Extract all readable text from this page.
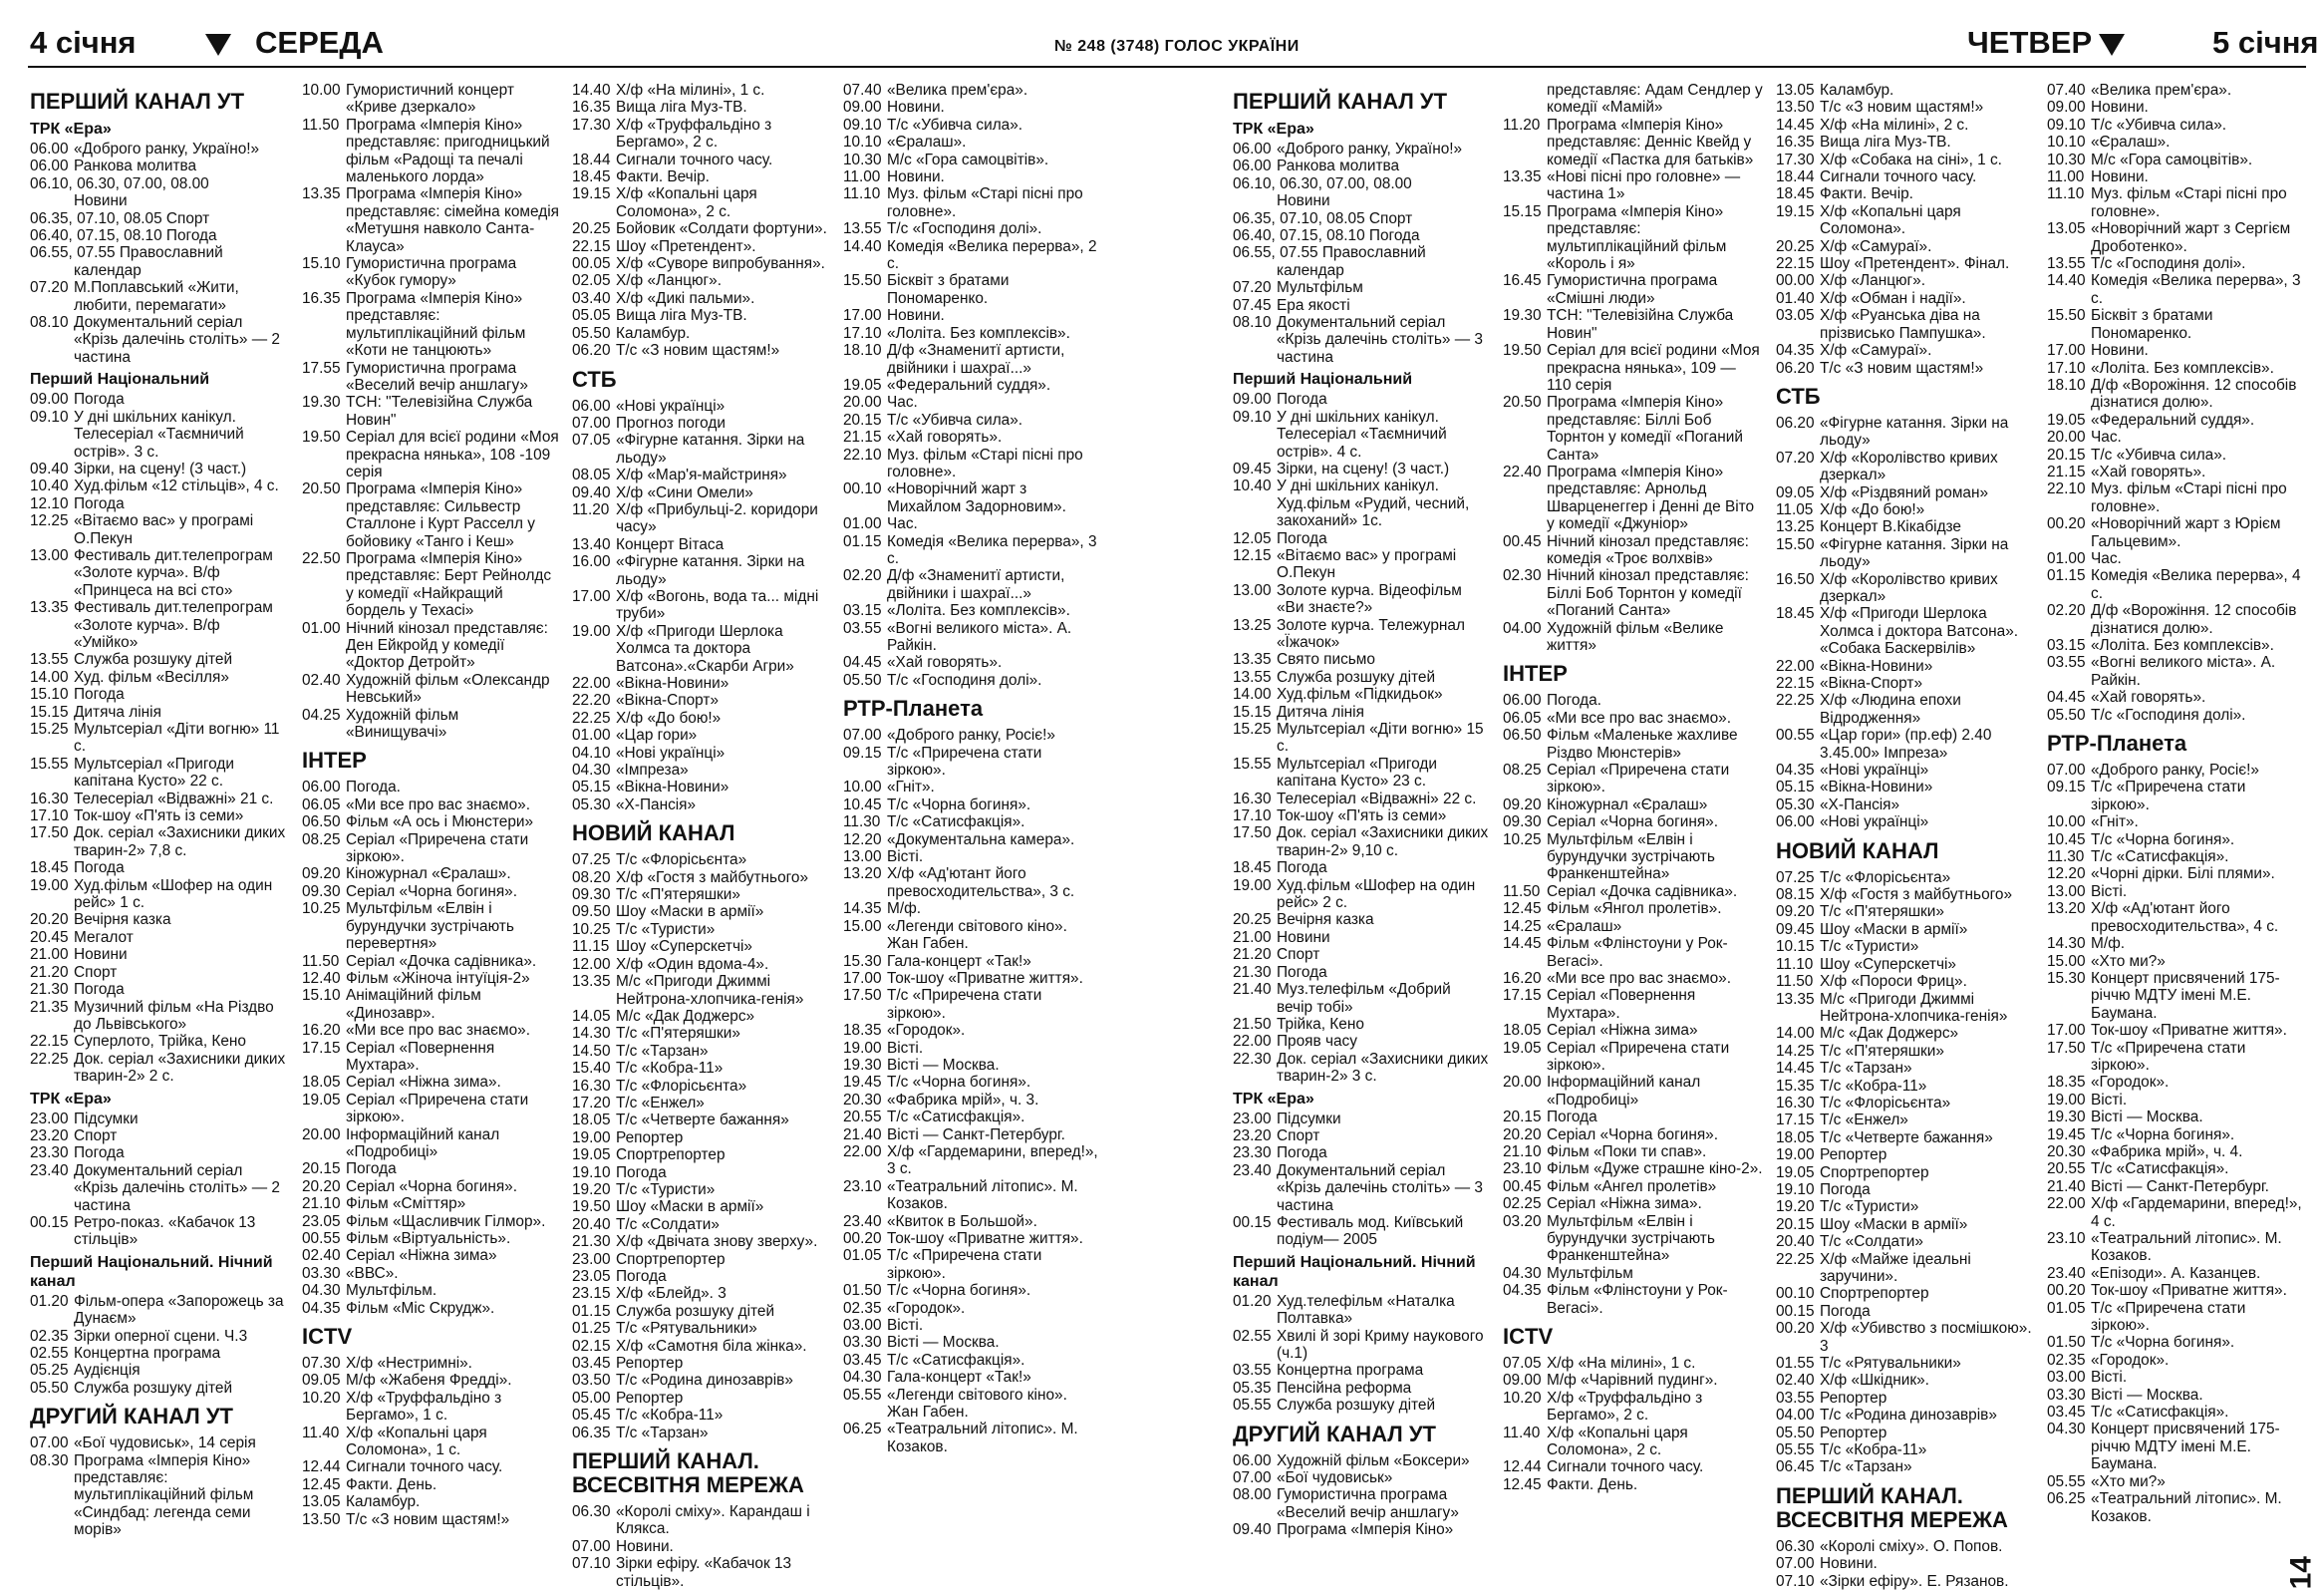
4 січня	СЕРЕДА	№ 248 (3748) ГОЛОС УКРАЇНИ	ЧЕТВЕР	5 січня
ПЕРШИЙ КАНАЛ УТ
ТРК «Ера»
06.00 «Доброго ранку, Україно!»
06.00 Ранкова молитва
06.10, 06.30, 07.00, 08.00
Новини
06.35, 07.10, 08.05 Спорт
06.40, 07.15, 08.10 Погода
06.55, 07.55 Православний
календар
07.20 М.Поплавський «Жити, любити, перемагати»
08.10 Документальний серіал «Крізь далечінь століть» — 2 частина
Перший Національний
09.00 Погода
09.10 У дні шкільних канікул. Телесеріал «Таємничий острів». 3 с.
09.40 Зірки, на сцену! (3 част.)
10.40 Худ.фільм «12 стільців», 4 с.
12.10 Погода
12.25 «Вітаємо вас» у програмі О.Пекун
13.00 Фестиваль дит.телепрограм «Золоте курча». В/ф «Принцеса на всі сто»
13.35 Фестиваль дит.телепрограм «Золоте курча». В/ф «Умійко»
13.55 Служба розшуку дітей
14.00 Худ. фільм «Весілля»
15.10 Погода
15.15 Дитяча лінія
15.25 Мультсеріал «Діти вогню» 11 с.
15.55 Мультсеріал «Пригоди капітана Кусто» 22 с.
16.30 Телесеріал «Відважні» 21 с.
17.10 Ток-шоу «П'ять із семи»
17.50 Док. серіал «Захисники диких тварин-2» 7,8 с.
18.45 Погода
19.00 Худ.фільм «Шофер на один рейс» 1 с.
20.20 Вечірня казка
20.45 Мегалот
21.00 Новини
21.20 Спорт
21.30 Погода
21.35 Музичний фільм «На Різдво до Львівського»
22.15 Суперлото, Трійка, Кено
22.25 Док. серіал «Захисники диких тварин-2» 2 с.
ТРК «Ера»
23.00 Підсумки
23.20 Спорт
23.30 Погода
23.40 Документальний серіал «Крізь далечінь століть» — 2 частина
00.15 Ретро-показ. «Кабачок 13 стільців»
Перший Національний. Нічний канал
01.20 Фільм-опера «Запорожець за Дунаєм»
02.35 Зірки оперної сцени. Ч.3
02.55 Концертна програма
05.25 Аудієнція
05.50 Служба розшуку дітей
ДРУГИЙ КАНАЛ УТ
07.00 «Бої чудовиськ», 14 серія
08.30 Програма «Імперія Кіно» представляє: мультиплікаційний фільм «Синдбад: легенда семи морів»
10.00 Гумористичний концерт «Криве дзеркало»
11.50 Програма «Імперія Кіно» представляє: пригодницький фільм «Радощі та печалі маленького лорда»
13.35 Програма «Імперія Кіно» представляє: сімейна комедія «Метушня навколо Санта-Клауса»
15.10 Гумористична програма «Кубок гумору»
16.35 Програма «Імперія Кіно» представляє: мультиплікаційний фільм «Коти не танцюють»
17.55 Гумористична програма «Веселий вечір аншлагу»
19.30 ТСН: "Телевізійна Служба Новин"
19.50 Серіал для всієї родини «Моя прекрасна нянька», 108 -109 серія
20.50 Програма «Імперія Кіно» представляє: Сильвестр Сталлоне і Курт Расселл у бойовику «Танго і Кеш»
22.50 Програма «Імперія Кіно» представляє: Берт Рейнолдс у комедії «Найкращий бордель у Техасі»
01.00 Нічний кінозал представляє: Ден Ейкройд у комедії «Доктор Детройт»
02.40 Художній фільм «Олександр Невський»
04.25 Художній фільм «Винищувачі»
ІНТЕР
06.00 Погода.
06.05 «Ми все про вас знаємо».
06.50 Фільм «А ось і Мюнстери»
08.25 Серіал «Приречена стати зіркою».
09.20 Кіножурнал «Єралаш».
09.30 Серіал «Чорна богиня».
10.25 Мультфільм «Елвін і бурундучки зустрічають перевертня»
11.50 Серіал «Дочка садівника».
12.40 Фільм «Жіноча інтуїція-2»
15.10 Анімаційний фільм «Динозавр».
16.20 «Ми все про вас знаємо».
17.15 Серіал «Повернення Мухтара».
18.05 Серіал «Ніжна зима».
19.05 Серіал «Приречена стати зіркою».
20.00 Інформаційний канал «Подробиці»
20.15 Погода
20.20 Серіал «Чорна богиня».
21.10 Фільм «Сміттяр»
23.05 Фільм «Щасливчик Гілмор».
00.55 Фільм «Віртуальність».
02.40 Серіал «Ніжна зима»
03.30 «ВВС».
04.30 Мультфільм.
04.35 Фільм «Міс Скрудж».
ICTV
07.30 Х/ф «Нестримні».
09.05 М/ф «Жабеня Фредді».
10.20 Х/ф «Труффальдіно з Бергамо», 1 с.
11.40 Х/ф «Копальні царя Соломона», 1 с.
12.44 Сигнали точного часу.
12.45 Факти. День.
13.05 Каламбур.
13.50 Т/с «З новим щастям!»
14.40 Х/ф «На мілині», 1 с.
16.35 Вища ліга Муз-ТВ.
17.30 Х/ф «Труффальдіно з Бергамо», 2 с.
18.44 Сигнали точного часу.
18.45 Факти. Вечір.
19.15 Х/ф «Копальні царя Соломона», 2 с.
20.25 Бойовик «Солдати фортуни».
22.15 Шоу «Претендент».
00.05 Х/ф «Суворе випробування».
02.05 Х/ф «Ланцюг».
03.40 Х/ф «Дикі пальми».
05.05 Вища ліга Муз-ТВ.
05.50 Каламбур.
06.20 Т/с «З новим щастям!»
СТБ
06.00 «Нові українці»
07.00 Прогноз погоди
07.05 «Фігурне катання. Зірки на льоду»
08.05 Х/ф «Мар'я-майстриня»
09.40 Х/ф «Сини Омели»
11.20 Х/ф «Прибульці-2. коридори часу»
13.40 Концерт Вітаса
16.00 «Фігурне катання. Зірки на льоду»
17.00 Х/ф «Вогонь, вода та... мідні труби»
19.00 Х/ф «Пригоди Шерлока Холмса та доктора Ватсона».«Скарби Агри»
22.00 «Вікна-Новини»
22.20 «Вікна-Спорт»
22.25 Х/ф «До бою!»
01.00 «Цар гори»
04.10 «Нові українці»
04.30 «Імпреза»
05.15 «Вікна-Новини»
05.30 «Х-Пансія»
НОВИЙ КАНАЛ
07.25 Т/с «Флорісьєнта»
08.20 Х/ф «Гостя з майбутнього»
09.30 Т/с «П'ятеряшки»
09.50 Шоу «Маски в армії»
10.25 Т/с «Туристи»
11.15 Шоу «Суперскетчі»
12.00 Х/ф «Один вдома-4».
13.35 М/с «Пригоди Джиммі Нейтрона-хлопчика-генія»
14.05 М/с «Дак Доджерс»
14.30 Т/с «П'ятеряшки»
14.50 Т/с «Тарзан»
15.40 Т/с «Кобра-11»
16.30 Т/с «Флорісьєнта»
17.20 Т/с «Енжел»
18.05 Т/с «Четверте бажання»
19.00 Репортер
19.05 Спортрепортер
19.10 Погода
19.20 Т/с «Туристи»
19.50 Шоу «Маски в армії»
20.40 Т/с «Солдати»
21.30 Х/ф «Двічата знову зверху».
23.00 Спортрепортер
23.05 Погода
23.15 Х/ф «Блейд». 3
01.15 Служба розшуку дітей
01.25 Т/с «Рятувальники»
02.15 Х/ф «Самотня біла жінка».
03.45 Репортер
03.50 Т/с «Родина динозаврів»
05.00 Репортер
05.45 Т/с «Кобра-11»
06.35 Т/с «Тарзан»
ПЕРШИЙ КАНАЛ. ВСЕСВІТНЯ МЕРЕЖА
06.30 «Королі сміху». Карандаш і Клякса.
07.00 Новини.
07.10 Зірки ефіру. «Кабачок 13 стільців».
07.40 «Велика прем'єра».
09.00 Новини.
09.10 Т/с «Убивча сила».
10.10 «Єралаш».
10.30 М/с «Гора самоцвітів».
11.00 Новини.
11.10 Муз. фільм «Старі пісні про головне».
13.55 Т/с «Господиня долі».
14.40 Комедія «Велика перерва», 2 с.
15.50 Бісквіт з братами Пономаренко.
17.00 Новини.
17.10 «Лоліта. Без комплексів».
18.10 Д/ф «Знаменитї артисти, двійники і шахраї...»
19.05 «Федеральний суддя».
20.00 Час.
20.15 Т/с «Убивча сила».
21.15 «Хай говорять».
22.10 Муз. фільм «Старі пісні про головне».
00.10 «Новорічний жарт з Михайлом Задорновим».
01.00 Час.
01.15 Комедія «Велика перерва», 3 с.
02.20 Д/ф «Знаменитї артисти, двійники і шахраї...»
03.15 «Лоліта. Без комплексів».
03.55 «Вогні великого міста». А. Райкін.
04.45 «Хай говорять».
05.50 Т/с «Господиня долі».
РТР-Планета
07.00 «Доброго ранку, Росіє!»
09.15 Т/с «Приречена стати зіркою».
10.00 «Гніт».
10.45 Т/с «Чорна богиня».
11.30 Т/с «Сатисфакція».
12.20 «Документальна камера».
13.00 Вісті.
13.20 Х/ф «Ад'ютант його превосходительства», 3 с.
14.35 М/ф.
15.00 «Легенди світового кіно». Жан Габен.
15.30 Гала-концерт «Так!»
17.00 Ток-шоу «Приватне життя».
17.50 Т/с «Приречена стати зіркою».
18.35 «Городок».
19.00 Вісті.
19.30 Вісті — Москва.
19.45 Т/с «Чорна богиня».
20.30 «Фабрика мрій», ч. 3.
20.55 Т/с «Сатисфакція».
21.40 Вісті — Санкт-Петербург.
22.00 Х/ф «Гардемарини, вперед!», 3 с.
23.10 «Театральний літопис». М. Козаков.
23.40 «Квиток в Большой».
00.20 Ток-шоу «Приватне життя».
01.05 Т/с «Приречена стати зіркою».
01.50 Т/с «Чорна богиня».
02.35 «Городок».
03.00 Вісті.
03.30 Вісті — Москва.
03.45 Т/с «Сатисфакція».
04.30 Гала-концерт «Так!»
05.55 «Легенди світового кіно». Жан Габен.
06.25 «Театральний літопис». М. Козаков.
ПЕРШИЙ КАНАЛ УТ
ТРК «Ера»
06.00 «Доброго ранку, Україно!»
06.00 Ранкова молитва
06.10, 06.30, 07.00, 08.00
Новини
06.35, 07.10, 08.05 Спорт
06.40, 07.15, 08.10 Погода
06.55, 07.55 Православний
календар
07.20 Мультфільм
07.45 Ера якості
08.10 Документальний серіал «Крізь далечінь століть» — 3 частина
Перший Національний
09.00 Погода
09.10 У дні шкільних канікул. Телесеріал «Таємничий острів». 4 с.
09.45 Зірки, на сцену! (3 част.)
10.40 У дні шкільних канікул. Худ.фільм «Рудий, чесний, закоханий» 1с.
12.05 Погода
12.15 «Вітаємо вас» у програмі О.Пекун
13.00 Золоте курча. Відеофільм «Ви знаєте?»
13.25 Золоте курча. Тележурнал «Їжачок»
13.35 Свято письмо
13.55 Служба розшуку дітей
14.00 Худ.фільм «Підкидьок»
15.15 Дитяча лінія
15.25 Мультсеріал «Діти вогню» 15 с.
15.55 Мультсеріал «Пригоди капітана Кусто» 23 с.
16.30 Телесеріал «Відважні» 22 с.
17.10 Ток-шоу «П'ять із семи»
17.50 Док. серіал «Захисники диких тварин-2» 9,10 с.
18.45 Погода
19.00 Худ.фільм «Шофер на один рейс» 2 с.
20.25 Вечірня казка
21.00 Новини
21.20 Спорт
21.30 Погода
21.40 Муз.телефільм «Добрий вечір тобі»
21.50 Трійка, Кено
22.00 Прояв часу
22.30 Док. серіал «Захисники диких тварин-2» 3 с.
ТРК «Ера»
23.00 Підсумки
23.20 Спорт
23.30 Погода
23.40 Документальний серіал «Крізь далечінь століть» — 3 частина
00.15 Фестиваль мод. Київський подіум— 2005
Перший Національний. Нічний канал
01.20 Худ.телефільм «Наталка Полтавка»
02.55 Хвилі й зорі Криму наукового (ч.1)
03.55 Концертна програма
05.35 Пенсійна реформа
05.55 Служба розшуку дітей
ДРУГИЙ КАНАЛ УТ
06.00 Художній фільм «Боксери»
07.00 «Бої чудовиськ»
08.00 Гумористична програма «Веселий вечір аншлагу»
09.40 Програма «Імперія Кіно»
представляє: Адам Сендлер у комедії «Мамій»
11.20 Програма «Імперія Кіно» представляє: Денніс Квейд у комедії «Пастка для батьків»
13.35 «Нові пісні про головне» — частина 1»
15.15 Програма «Імперія Кіно» представляє: мультиплікаційний фільм «Король і я»
16.45 Гумористична програма «Смішні люди»
19.30 ТСН: "Телевізійна Служба Новин"
19.50 Серіал для всієї родини «Моя прекрасна нянька», 109 — 110 серія
20.50 Програма «Імперія Кіно» представляє: Біллі Боб Торнтон у комедії «Поганий Санта»
22.40 Програма «Імперія Кіно» представляє: Арнольд Шварценеггер і Денні де Віто у комедії «Джуніор»
00.45 Нічний кінозал представляє: комедія «Троє волхвів»
02.30 Нічний кінозал представляє: Біллі Боб Торнтон у комедії «Поганий Санта»
04.00 Художній фільм «Велике життя»
ІНТЕР
06.00 Погода.
06.05 «Ми все про вас знаємо».
06.50 Фільм «Маленьке жахливе Різдво Мюнстерів»
08.25 Серіал «Приречена стати зіркою».
09.20 Кіножурнал «Єралаш»
09.30 Серіал «Чорна богиня».
10.25 Мультфільм «Елвін і бурундучки зустрічають Франкенштейна»
11.50 Серіал «Дочка садівника».
12.45 Фільм «Янгол пролетів».
14.25 «Єралаш»
14.45 Фільм «Флінстоуни у Рок-Вегасі».
16.20 «Ми все про вас знаємо».
17.15 Серіал «Повернення Мухтара».
18.05 Серіал «Ніжна зима»
19.05 Серіал «Приречена стати зіркою».
20.00 Інформаційний канал «Подробиці»
20.15 Погода
20.20 Серіал «Чорна богиня».
21.10 Фільм «Поки ти спав».
23.10 Фільм «Дуже страшне кіно-2».
00.45 Фільм «Ангел пролетів»
02.25 Серіал «Ніжна зима».
03.20 Мультфільм «Елвін і бурундучки зустрічають Франкенштейна»
04.30 Мультфільм
04.35 Фільм «Флінстоуни у Рок-Вегасі».
ICTV
07.05 Х/ф «На мілині», 1 с.
09.00 М/ф «Чарівний пудинг».
10.20 Х/ф «Труффальдіно з Бергамо», 2 с.
11.40 Х/ф «Копальні царя Соломона», 2 с.
12.44 Сигнали точного часу.
12.45 Факти. День.
13.05 Каламбур.
13.50 Т/с «З новим щастям!»
14.45 Х/ф «На мілині», 2 с.
16.35 Вища ліга Муз-ТВ.
17.30 Х/ф «Собака на сіні», 1 с.
18.44 Сигнали точного часу.
18.45 Факти. Вечір.
19.15 Х/ф «Копальні царя Соломона».
20.25 Х/ф «Самураї».
22.15 Шоу «Претендент». Фінал.
00.00 Х/ф «Ланцюг».
01.40 Х/ф «Обман і надії».
03.05 Х/ф «Руанська діва на прізвисько Пампушка».
04.35 Х/ф «Самураї».
06.20 Т/с «З новим щастям!»
СТБ
06.20 «Фігурне катання. Зірки на льоду»
07.20 Х/ф «Королівство кривих дзеркал»
09.05 Х/ф «Різдвяний роман»
11.05 Х/ф «До бою!»
13.25 Концерт В.Кікабідзе
15.50 «Фігурне катання. Зірки на льоду»
16.50 Х/ф «Королівство кривих дзеркал»
18.45 Х/ф «Пригоди Шерлока Холмса і доктора Ватсона». «Собака Баскервілів»
22.00 «Вікна-Новини»
22.15 «Вікна-Спорт»
22.25 Х/ф «Людина епохи Відродження»
00.55 «Цар гори» (пр.еф) 2.40 3.45.00» Імпреза»
04.35 «Нові українці»
05.15 «Вікна-Новини»
05.30 «Х-Пансія»
06.00 «Нові українці»
НОВИЙ КАНАЛ
07.25 Т/с «Флорісьєнта»
08.15 Х/ф «Гостя з майбутнього»
09.20 Т/с «П'ятеряшки»
09.45 Шоу «Маски в армії»
10.15 Т/с «Туристи»
11.10 Шоу «Суперскетчі»
11.50 Х/ф «Пороси Фриц».
13.35 М/с «Пригоди Джиммі Нейтрона-хлопчика-генія»
14.00 М/с «Дак Доджерс»
14.25 Т/с «П'ятеряшки»
14.45 Т/с «Тарзан»
15.35 Т/с «Кобра-11»
16.30 Т/с «Флорісьєнта»
17.15 Т/с «Енжел»
18.05 Т/с «Четверте бажання»
19.00 Репортер
19.05 Спортрепортер
19.10 Погода
19.20 Т/с «Туристи»
20.15 Шоу «Маски в армії»
20.40 Т/с «Солдати»
22.25 Х/ф «Майже ідеальні заручини».
00.10 Спортрепортер
00.15 Погода
00.20 Х/ф «Убивство з посмішкою». 3
01.55 Т/с «Рятувальники»
02.40 Х/ф «Шкідник».
03.55 Репортер
04.00 Т/с «Родина динозаврів»
05.50 Репортер
05.55 Т/с «Кобра-11»
06.45 Т/с «Тарзан»
ПЕРШИЙ КАНАЛ. ВСЕСВІТНЯ МЕРЕЖА
06.30 «Королі сміху». О. Попов.
07.00 Новини.
07.10 «Зірки ефіру». Е. Рязанов.
07.40 «Велика прем'єра».
09.00 Новини.
09.10 Т/с «Убивча сила».
10.10 «Єралаш».
10.30 М/с «Гора самоцвітів».
11.00 Новини.
11.10 Муз. фільм «Старі пісні про головне».
13.05 «Новорічний жарт з Сергієм Дроботенко».
13.55 Т/с «Господиня долі».
14.40 Комедія «Велика перерва», 3 с.
15.50 Бісквіт з братами Пономаренко.
17.00 Новини.
17.10 «Лоліта. Без комплексів».
18.10 Д/ф «Ворожіння. 12 способів дізнатися долю».
19.05 «Федеральний суддя».
20.00 Час.
20.15 Т/с «Убивча сила».
21.15 «Хай говорять».
22.10 Муз. фільм «Старі пісні про головне».
00.20 «Новорічний жарт з Юрієм Гальцевим».
01.00 Час.
01.15 Комедія «Велика перерва», 4 с.
02.20 Д/ф «Ворожіння. 12 способів дізнатися долю».
03.15 «Лоліта. Без комплексів».
03.55 «Вогні великого міста». А. Райкін.
04.45 «Хай говорять».
05.50 Т/с «Господиня долі».
РТР-Планета
07.00 «Доброго ранку, Росіє!»
09.15 Т/с «Приречена стати зіркою».
10.00 «Гніт».
10.45 Т/с «Чорна богиня».
11.30 Т/с «Сатисфакція».
12.20 «Чорні дірки. Білі плями».
13.00 Вісті.
13.20 Х/ф «Ад'ютант його превосходительства», 4 с.
14.30 М/ф.
15.00 «Хто ми?»
15.30 Концерт присвячений 175-річчю МДТУ імені М.Е. Баумана.
17.00 Ток-шоу «Приватне життя».
17.50 Т/с «Приречена стати зіркою».
18.35 «Городок».
19.00 Вісті.
19.30 Вісті — Москва.
19.45 Т/с «Чорна богиня».
20.30 «Фабрика мрій», ч. 4.
20.55 Т/с «Сатисфакція».
21.40 Вісті — Санкт-Петербург.
22.00 Х/ф «Гардемарини, вперед!», 4 с.
23.10 «Театральний літопис». М. Козаков.
23.40 «Епізоди». А. Казанцев.
00.20 Ток-шоу «Приватне життя».
01.05 Т/с «Приречена стати зіркою».
01.50 Т/с «Чорна богиня».
02.35 «Городок».
03.00 Вісті.
03.30 Вісті — Москва.
03.45 Т/с «Сатисфакція».
04.30 Концерт присвячений 175-річчю МДТУ імені М.Е. Баумана.
05.55 «Хто ми?»
06.25 «Театральний літопис». М. Козаков.
14
